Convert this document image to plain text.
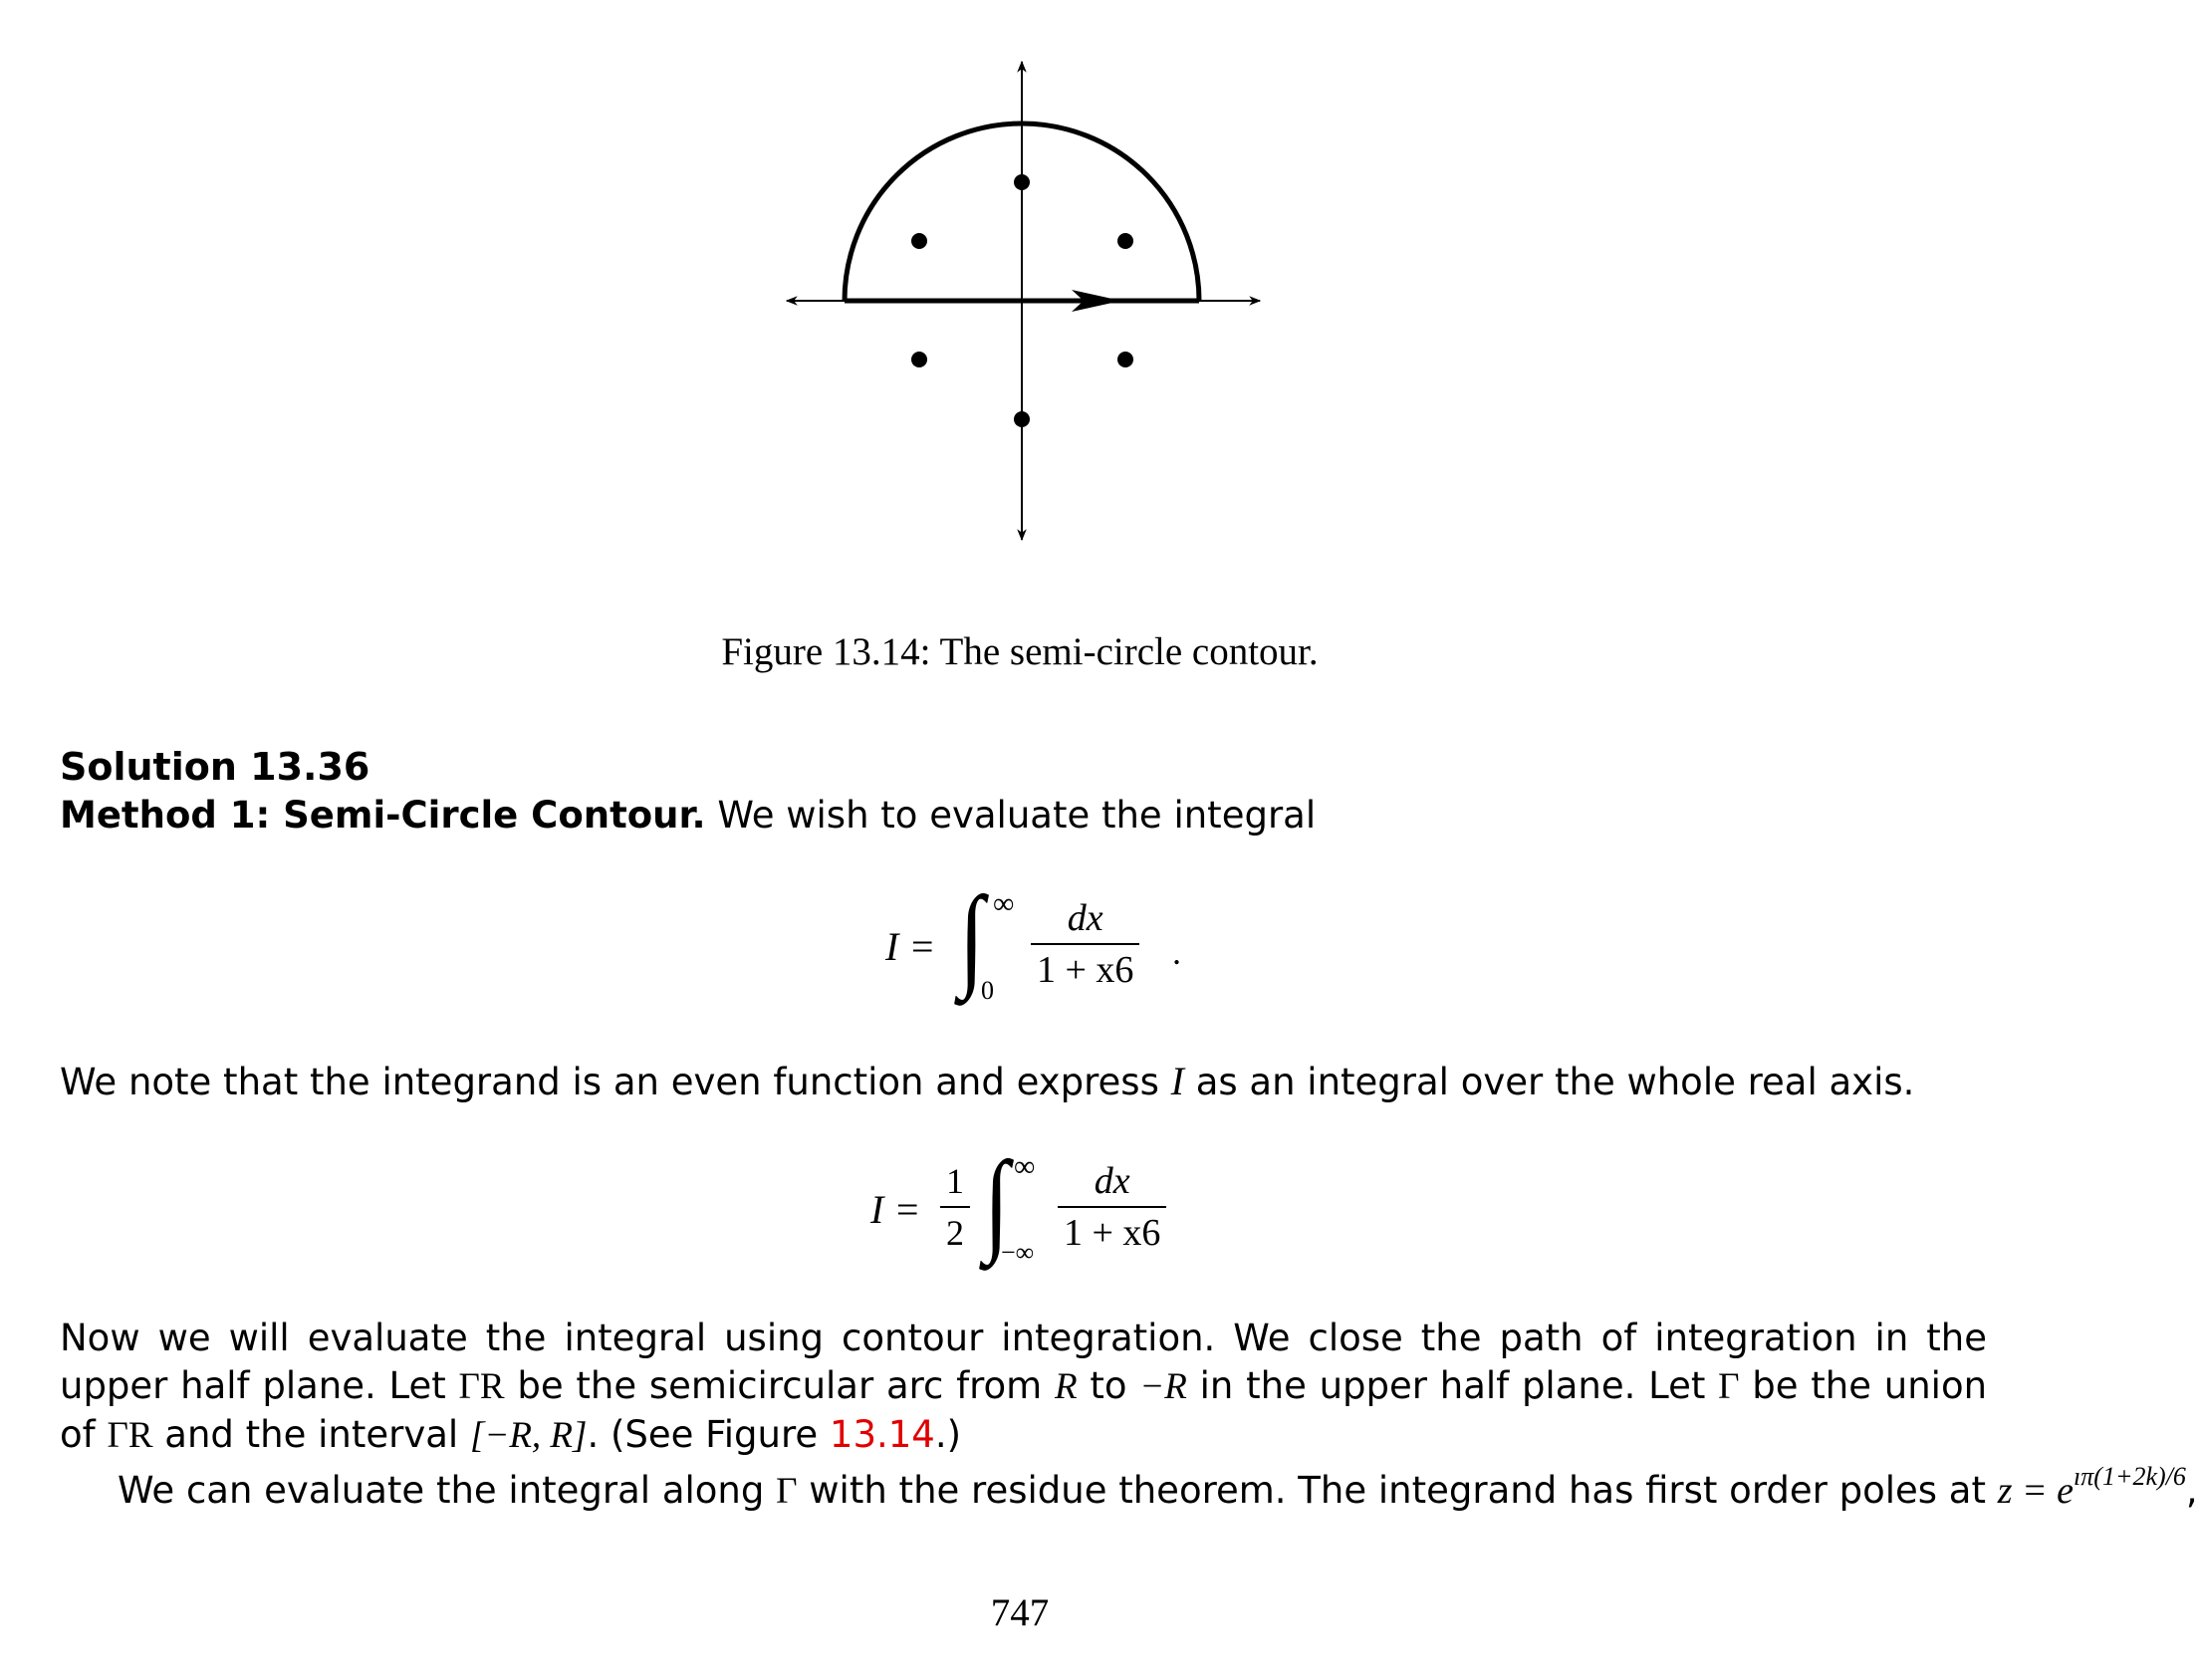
Figure 13.14: The semi-circle contour.
Solution 13.36
Method 1: Semi-Circle Contour. We wish to evaluate the integral
I = ∫ ∞
$0 \frac{dx}{1 + x6}$ .
We note that the integrand is an even function and express I as an integral over the whole real axis.
$I = \frac{1}{2}$ ∫ ∞
−∞ $\frac{dx}{1 + x6}$
Now we will evaluate the integral using contour integration. We close the path of integration in the upper half plane. Let ΓR be the semicircular arc from R to −R in the upper half plane. Let Γ be the union of ΓR and the interval [−R, R]. (See Figure 13.14.)
We can evaluate the integral along Γ with the residue theorem. The integrand has first order poles at $z = e^{ı\pi(1+2k)/6}$,
747
